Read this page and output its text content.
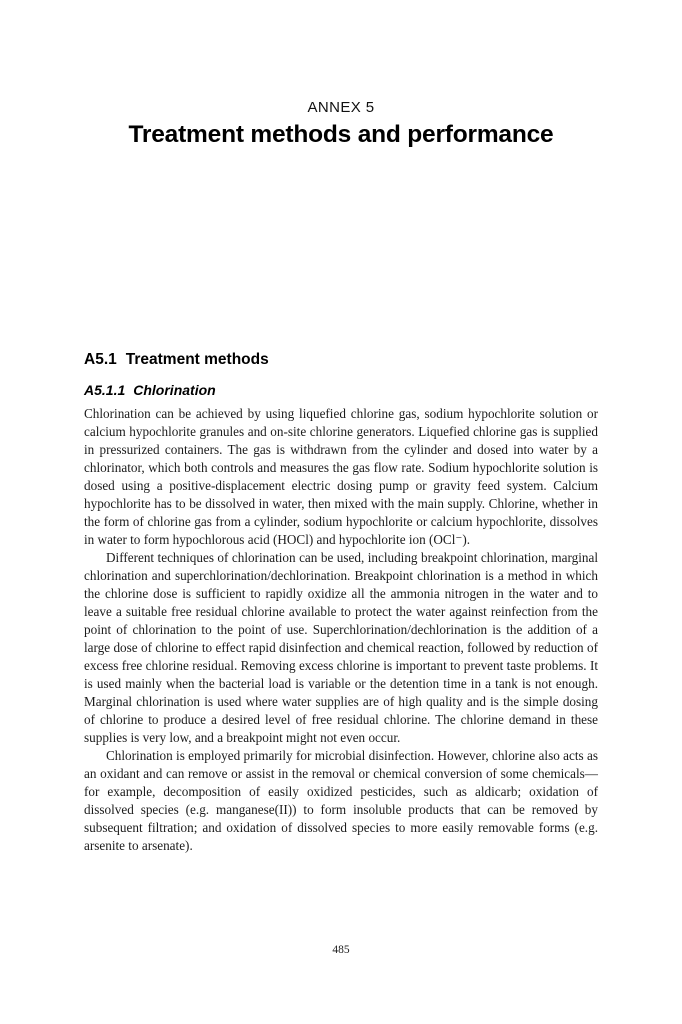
ANNEX 5
Treatment methods and performance
A5.1 Treatment methods
A5.1.1 Chlorination

Chlorination can be achieved by using liquefied chlorine gas, sodium hypochlorite solution or calcium hypochlorite granules and on-site chlorine generators. Liquefied chlorine gas is supplied in pressurized containers. The gas is withdrawn from the cylinder and dosed into water by a chlorinator, which both controls and measures the gas flow rate. Sodium hypochlorite solution is dosed using a positive-displacement electric dosing pump or gravity feed system. Calcium hypochlorite has to be dissolved in water, then mixed with the main supply. Chlorine, whether in the form of chlorine gas from a cylinder, sodium hypochlorite or calcium hypochlorite, dissolves in water to form hypochlorous acid (HOCl) and hypochlorite ion (OCl⁻).

Different techniques of chlorination can be used, including breakpoint chlorination, marginal chlorination and superchlorination/dechlorination. Breakpoint chlorination is a method in which the chlorine dose is sufficient to rapidly oxidize all the ammonia nitrogen in the water and to leave a suitable free residual chlorine available to protect the water against reinfection from the point of chlorination to the point of use. Superchlorination/dechlorination is the addition of a large dose of chlorine to effect rapid disinfection and chemical reaction, followed by reduction of excess free chlorine residual. Removing excess chlorine is important to prevent taste problems. It is used mainly when the bacterial load is variable or the detention time in a tank is not enough. Marginal chlorination is used where water supplies are of high quality and is the simple dosing of chlorine to produce a desired level of free residual chlorine. The chlorine demand in these supplies is very low, and a breakpoint might not even occur.

Chlorination is employed primarily for microbial disinfection. However, chlorine also acts as an oxidant and can remove or assist in the removal or chemical conversion of some chemicals—for example, decomposition of easily oxidized pesticides, such as aldicarb; oxidation of dissolved species (e.g. manganese(II)) to form insoluble products that can be removed by subsequent filtration; and oxidation of dissolved species to more easily removable forms (e.g. arsenite to arsenate).

485
